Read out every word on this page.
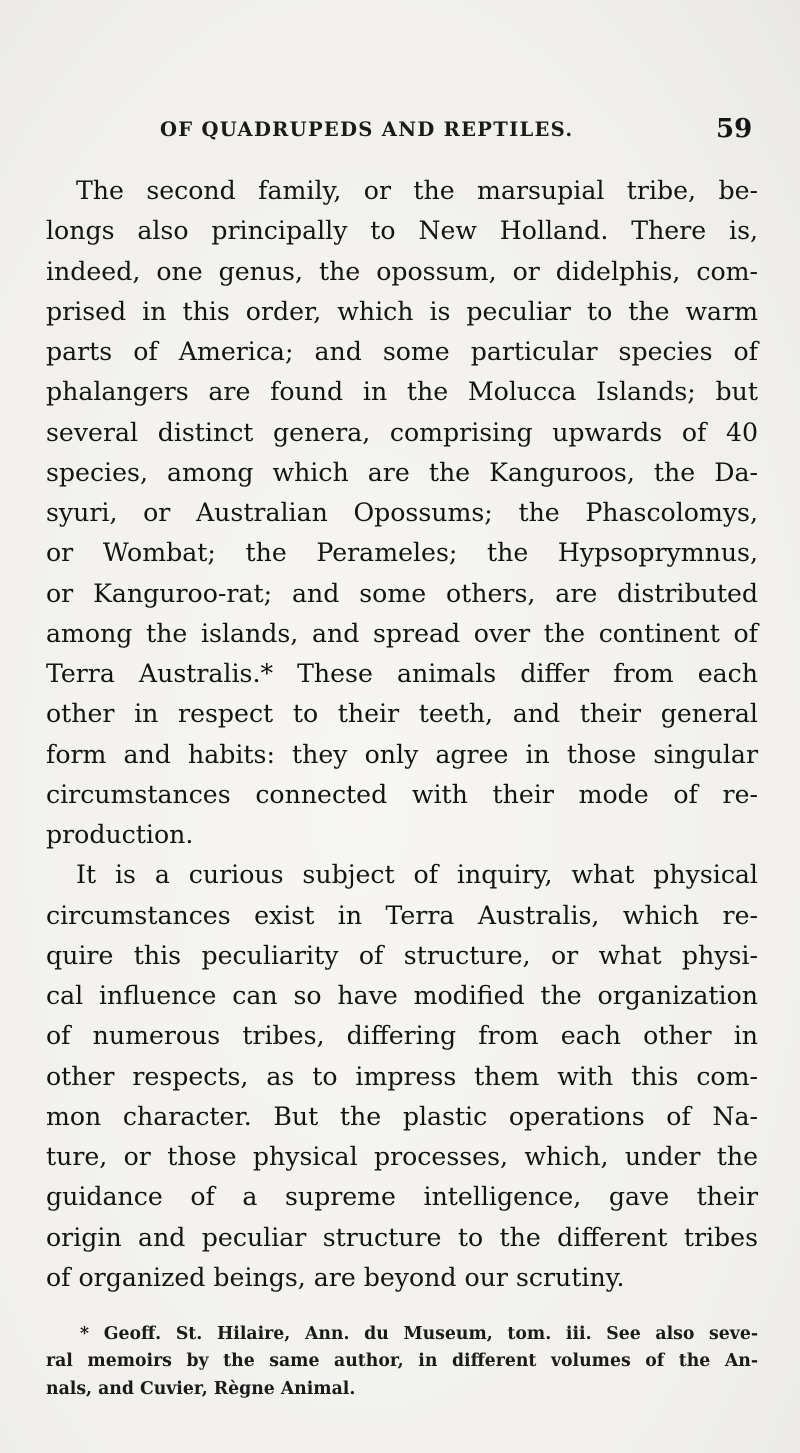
OF QUADRUPEDS AND REPTILES.	59
The second family, or the marsupial tribe, be-
longs also principally to New Holland. There is,
indeed, one genus, the opossum, or didelphis, com-
prised in this order, which is peculiar to the warm
parts of America; and some particular species of
phalangers are found in the Molucca Islands; but
several distinct genera, comprising upwards of 40
species, among which are the Kanguroos, the Da-
syuri, or Australian Opossums; the Phascolomys,
or Wombat; the Perameles; the Hypsoprymnus,
or Kanguroo-rat; and some others, are distributed
among the islands, and spread over the continent of
Terra Australis.* These animals differ from each
other in respect to their teeth, and their general
form and habits: they only agree in those singular
circumstances connected with their mode of re-
production.
It is a curious subject of inquiry, what physical
circumstances exist in Terra Australis, which re-
quire this peculiarity of structure, or what physi-
cal influence can so have modified the organization
of numerous tribes, differing from each other in
other respects, as to impress them with this com-
mon character. But the plastic operations of Na-
ture, or those physical processes, which, under the
guidance of a supreme intelligence, gave their
origin and peculiar structure to the different tribes
of organized beings, are beyond our scrutiny.
* Geoff. St. Hilaire, Ann. du Museum, tom. iii. See also seve-
ral memoirs by the same author, in different volumes of the An-
nals, and Cuvier, Règne Animal.
